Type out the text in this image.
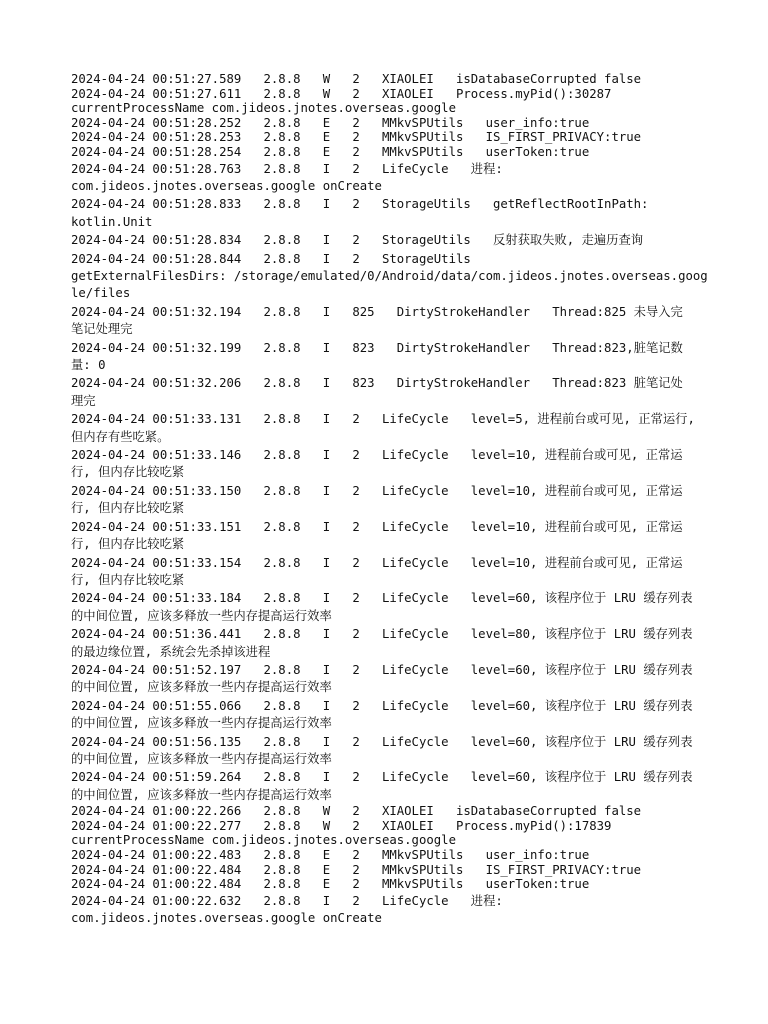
2024-04-24 00:51:27.589   2.8.8   W   2   XIAOLEI   isDatabaseCorrupted false

2024-04-24 00:51:27.611   2.8.8   W   2   XIAOLEI   Process.myPid():30287
currentProcessName com.jideos.jnotes.overseas.google

2024-04-24 00:51:28.252   2.8.8   E   2   MMkvSPUtils   user_info:true

2024-04-24 00:51:28.253   2.8.8   E   2   MMkvSPUtils   IS_FIRST_PRIVACY:true

2024-04-24 00:51:28.254   2.8.8   E   2   MMkvSPUtils   userToken:true

2024-04-24 00:51:28.763   2.8.8   I   2   LifeCycle   进程:
com.jideos.jnotes.overseas.google onCreate

2024-04-24 00:51:28.833   2.8.8   I   2   StorageUtils   getReflectRootInPath:
kotlin.Unit

2024-04-24 00:51:28.834   2.8.8   I   2   StorageUtils   反射获取失败, 走遍历查询

2024-04-24 00:51:28.844   2.8.8   I   2   StorageUtils
getExternalFilesDirs: /storage/emulated/0/Android/data/com.jideos.jnotes.overseas.google/files

2024-04-24 00:51:32.194   2.8.8   I   825   DirtyStrokeHandler   Thread:825 未导入完
笔记处理完

2024-04-24 00:51:32.199   2.8.8   I   823   DirtyStrokeHandler   Thread:823,脏笔记数
量: 0

2024-04-24 00:51:32.206   2.8.8   I   823   DirtyStrokeHandler   Thread:823 脏笔记处
理完

2024-04-24 00:51:33.131   2.8.8   I   2   LifeCycle   level=5, 进程前台或可见, 正常运行,
但内存有些吃紧。

2024-04-24 00:51:33.146   2.8.8   I   2   LifeCycle   level=10, 进程前台或可见, 正常运
行, 但内存比较吃紧

2024-04-24 00:51:33.150   2.8.8   I   2   LifeCycle   level=10, 进程前台或可见, 正常运
行, 但内存比较吃紧

2024-04-24 00:51:33.151   2.8.8   I   2   LifeCycle   level=10, 进程前台或可见, 正常运
行, 但内存比较吃紧

2024-04-24 00:51:33.154   2.8.8   I   2   LifeCycle   level=10, 进程前台或可见, 正常运
行, 但内存比较吃紧

2024-04-24 00:51:33.184   2.8.8   I   2   LifeCycle   level=60, 该程序位于 LRU 缓存列表
的中间位置, 应该多释放一些内存提高运行效率

2024-04-24 00:51:36.441   2.8.8   I   2   LifeCycle   level=80, 该程序位于 LRU 缓存列表
的最边缘位置, 系统会先杀掉该进程

2024-04-24 00:51:52.197   2.8.8   I   2   LifeCycle   level=60, 该程序位于 LRU 缓存列表
的中间位置, 应该多释放一些内存提高运行效率

2024-04-24 00:51:55.066   2.8.8   I   2   LifeCycle   level=60, 该程序位于 LRU 缓存列表
的中间位置, 应该多释放一些内存提高运行效率

2024-04-24 00:51:56.135   2.8.8   I   2   LifeCycle   level=60, 该程序位于 LRU 缓存列表
的中间位置, 应该多释放一些内存提高运行效率

2024-04-24 00:51:59.264   2.8.8   I   2   LifeCycle   level=60, 该程序位于 LRU 缓存列表
的中间位置, 应该多释放一些内存提高运行效率

2024-04-24 01:00:22.266   2.8.8   W   2   XIAOLEI   isDatabaseCorrupted false

2024-04-24 01:00:22.277   2.8.8   W   2   XIAOLEI   Process.myPid():17839
currentProcessName com.jideos.jnotes.overseas.google

2024-04-24 01:00:22.483   2.8.8   E   2   MMkvSPUtils   user_info:true

2024-04-24 01:00:22.484   2.8.8   E   2   MMkvSPUtils   IS_FIRST_PRIVACY:true

2024-04-24 01:00:22.484   2.8.8   E   2   MMkvSPUtils   userToken:true

2024-04-24 01:00:22.632   2.8.8   I   2   LifeCycle   进程:
com.jideos.jnotes.overseas.google onCreate
